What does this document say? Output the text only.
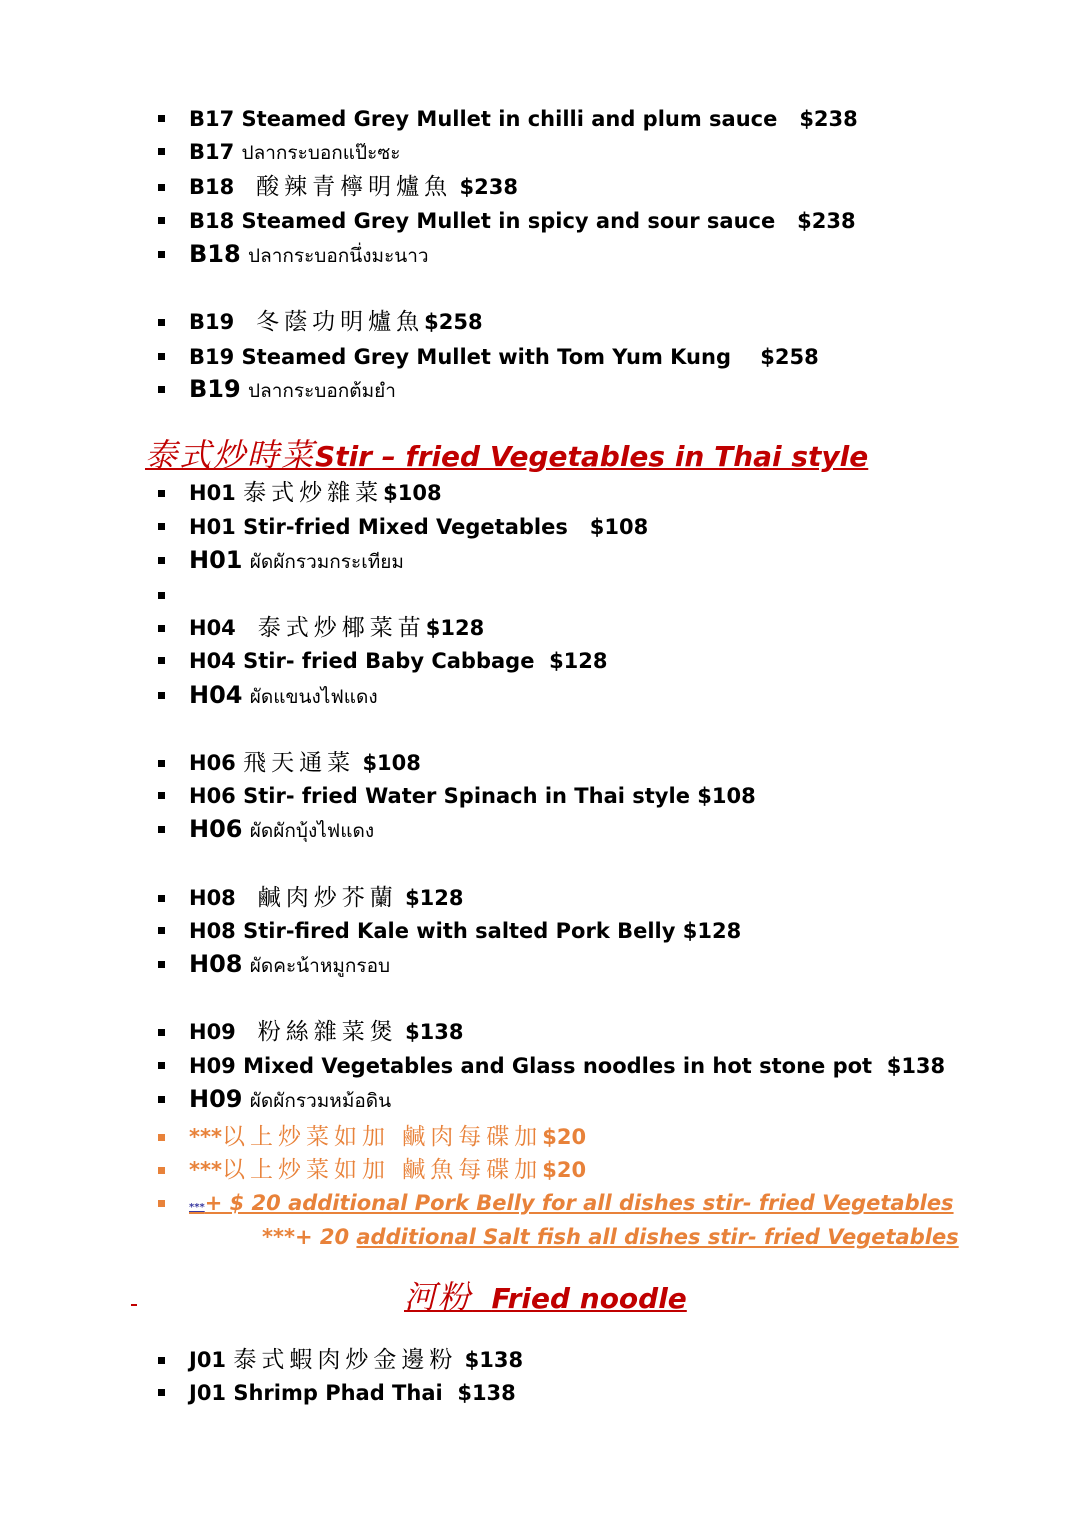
B17 Steamed Grey Mullet in chilli and plum sauce $238
B17 ปลากระบอกแป๊ะซะ
B18 酸辣青檸明爐魚 $238
B18 Steamed Grey Mullet in spicy and sour sauce $238
B18 ปลากระบอกนึ่งมะนาว
B19 冬蔭功明爐魚$258
B19 Steamed Grey Mullet with Tom Yum Kung $258
B19 ปลากระบอกต้มยำ
泰式炒時菜Stir – fried Vegetables in Thai style
H01 泰式炒雜菜$108
H01 Stir-fried Mixed Vegetables $108
H01 ผัดผักรวมกระเทียม
H04 泰式炒椰菜苗$128
H04 Stir- fried Baby Cabbage $128
H04 ผัดแขนงไฟแดง
H06 飛天通菜 $108
H06 Stir- fried Water Spinach in Thai style $108
H06 ผัดผักบุ้งไฟแดง
H08 鹹肉炒芥蘭 $128
H08 Stir-fired Kale with salted Pork Belly $128
H08 ผัดคะน้าหมูกรอบ
H09 粉絲雜菜煲 $138
H09 Mixed Vegetables and Glass noodles in hot stone pot $138
H09 ผัดผักรวมหม้อดิน
***以上炒菜如加 鹹肉每碟加$20
***以上炒菜如加 鹹魚每碟加$20
***+ $ 20 additional Pork Belly for all dishes stir- fried Vegetables
***+ 20 additional Salt fish all dishes stir- fried Vegetables
河粉 Fried noodle
J01 泰式蝦肉炒金邊粉 $138
J01 Shrimp Phad Thai $138
